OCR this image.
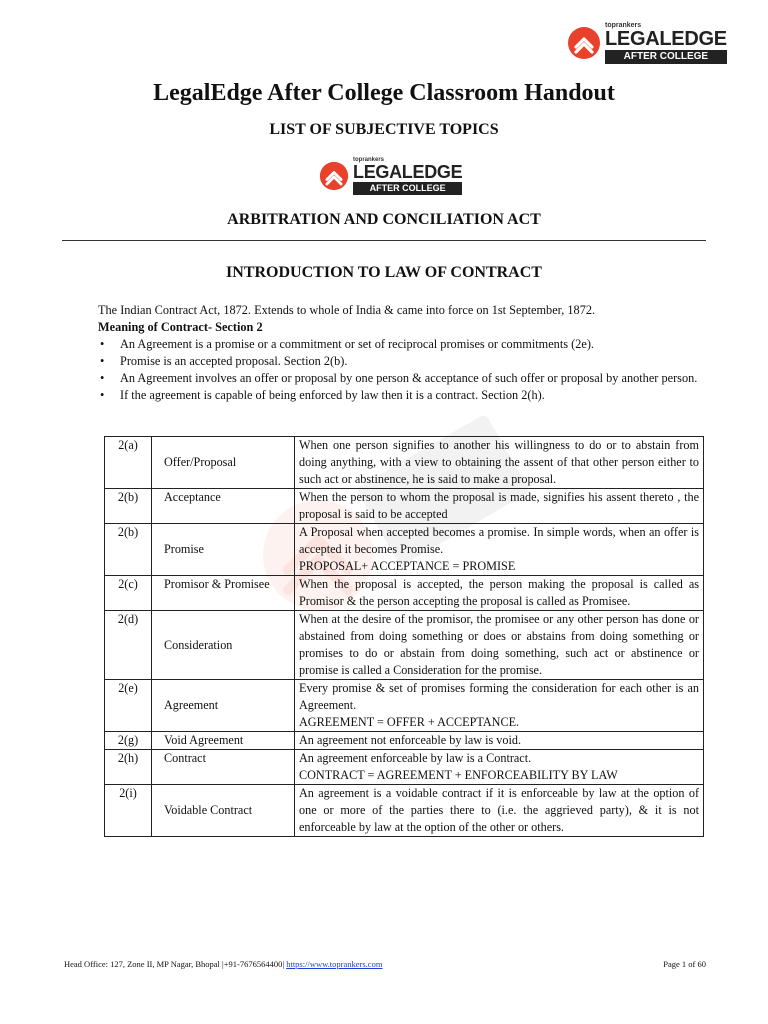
toprankers
LEGALEDGE
AFTER COLLEGE
LegalEdge After College Classroom Handout
LIST OF SUBJECTIVE TOPICS
toprankers
LEGALEDGE
AFTER COLLEGE
ARBITRATION AND CONCILIATION ACT
INTRODUCTION TO LAW OF CONTRACT
The Indian Contract Act, 1872. Extends to whole of India & came into force on 1st September, 1872.
Meaning of Contract- Section 2
• An Agreement is a promise or a commitment or set of reciprocal promises or commitments (2e).
• Promise is an accepted proposal. Section 2(b).
• An Agreement involves an offer or proposal by one person & acceptance of such offer or proposal by another person.
• If the agreement is capable of being enforced by law then it is a contract. Section 2(h).
2(a)	Offer/Proposal	When one person signifies to another his willingness to do or to abstain from doing anything, with a view to obtaining the assent of that other person either to such act or abstinence, he is said to make a proposal.

2(b)	Acceptance	When the person to whom the proposal is made, signifies his assent thereto , the proposal is said to be accepted

2(b)	Promise	A Proposal when accepted becomes a promise. In simple words, when an offer is accepted it becomes Promise.
PROPOSAL+ ACCEPTANCE = PROMISE

2(c)	Promisor & Promisee	When the proposal is accepted, the person making the proposal is called as Promisor & the person accepting the proposal is called as Promisee.

2(d)	Consideration	When at the desire of the promisor, the promisee or any other person has done or abstained from doing something or does or abstains from doing something or promises to do or abstain from doing something, such act or abstinence or promise is called a Consideration for the promise.

2(e)	Agreement	Every promise & set of promises forming the consideration for each other is an Agreement.
AGREEMENT = OFFER + ACCEPTANCE.

2(g)	Void Agreement	An agreement not enforceable by law is void.

2(h)	Contract	An agreement enforceable by law is a Contract.
CONTRACT = AGREEMENT + ENFORCEABILITY BY LAW

2(i)	Voidable Contract	An agreement is a voidable contract if it is enforceable by law at the option of one or more of the parties there to (i.e. the aggrieved party), & it is not enforceable by law at the option of the other or others.
Head Office: 127, Zone II, MP Nagar, Bhopal |+91-7676564400| https://www.toprankers.com	Page 1 of 60
